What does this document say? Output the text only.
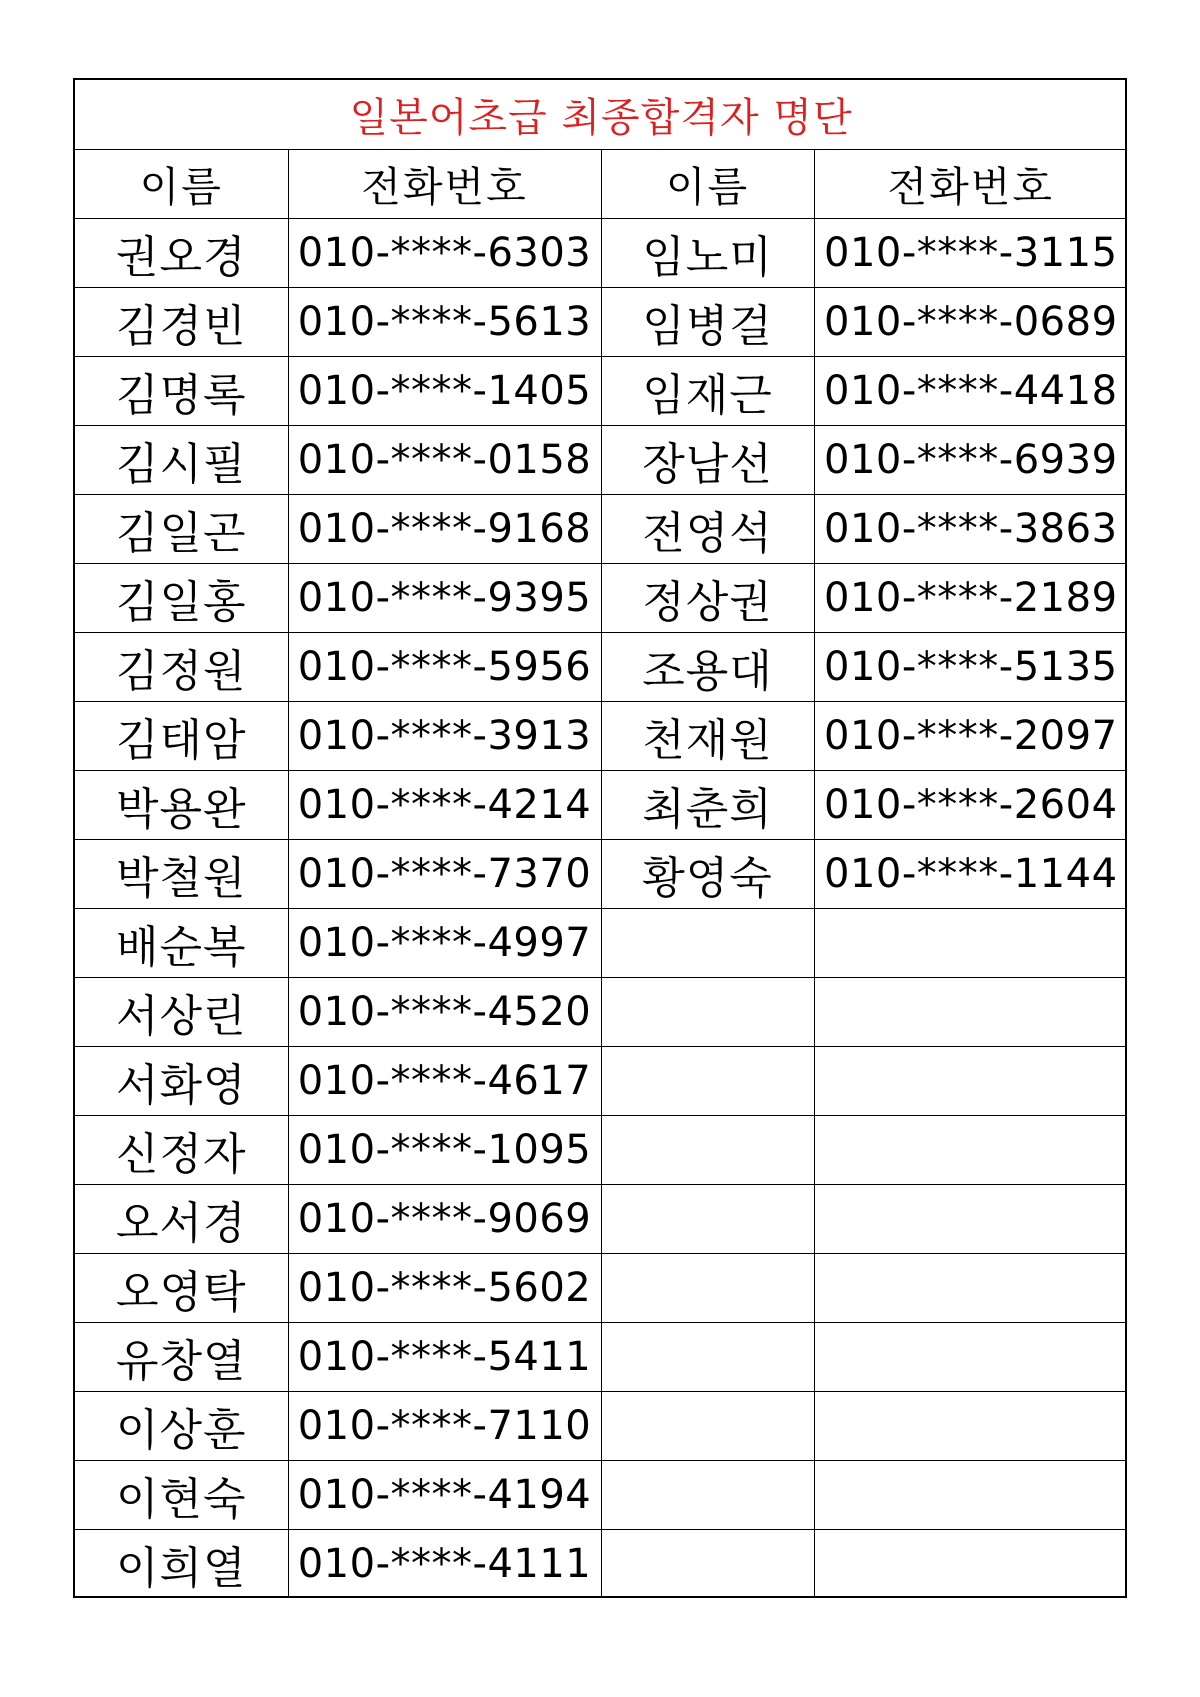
일본어초급 최종합격자 명단			
이름	전화번호	이름	전화번호
권오경	010-****-6303	임노미	010-****-3115
김경빈	010-****-5613	임병걸	010-****-0689
김명록	010-****-1405	임재근	010-****-4418
김시필	010-****-0158	장남선	010-****-6939
김일곤	010-****-9168	전영석	010-****-3863
김일홍	010-****-9395	정상권	010-****-2189
김정원	010-****-5956	조용대	010-****-5135
김태암	010-****-3913	천재원	010-****-2097
박용완	010-****-4214	최춘희	010-****-2604
박철원	010-****-7370	황영숙	010-****-1144
배순복	010-****-4997		
서상린	010-****-4520		
서화영	010-****-4617		
신정자	010-****-1095		
오서경	010-****-9069		
오영탁	010-****-5602		
유창열	010-****-5411		
이상훈	010-****-7110		
이현숙	010-****-4194		
이희열	010-****-4111		
